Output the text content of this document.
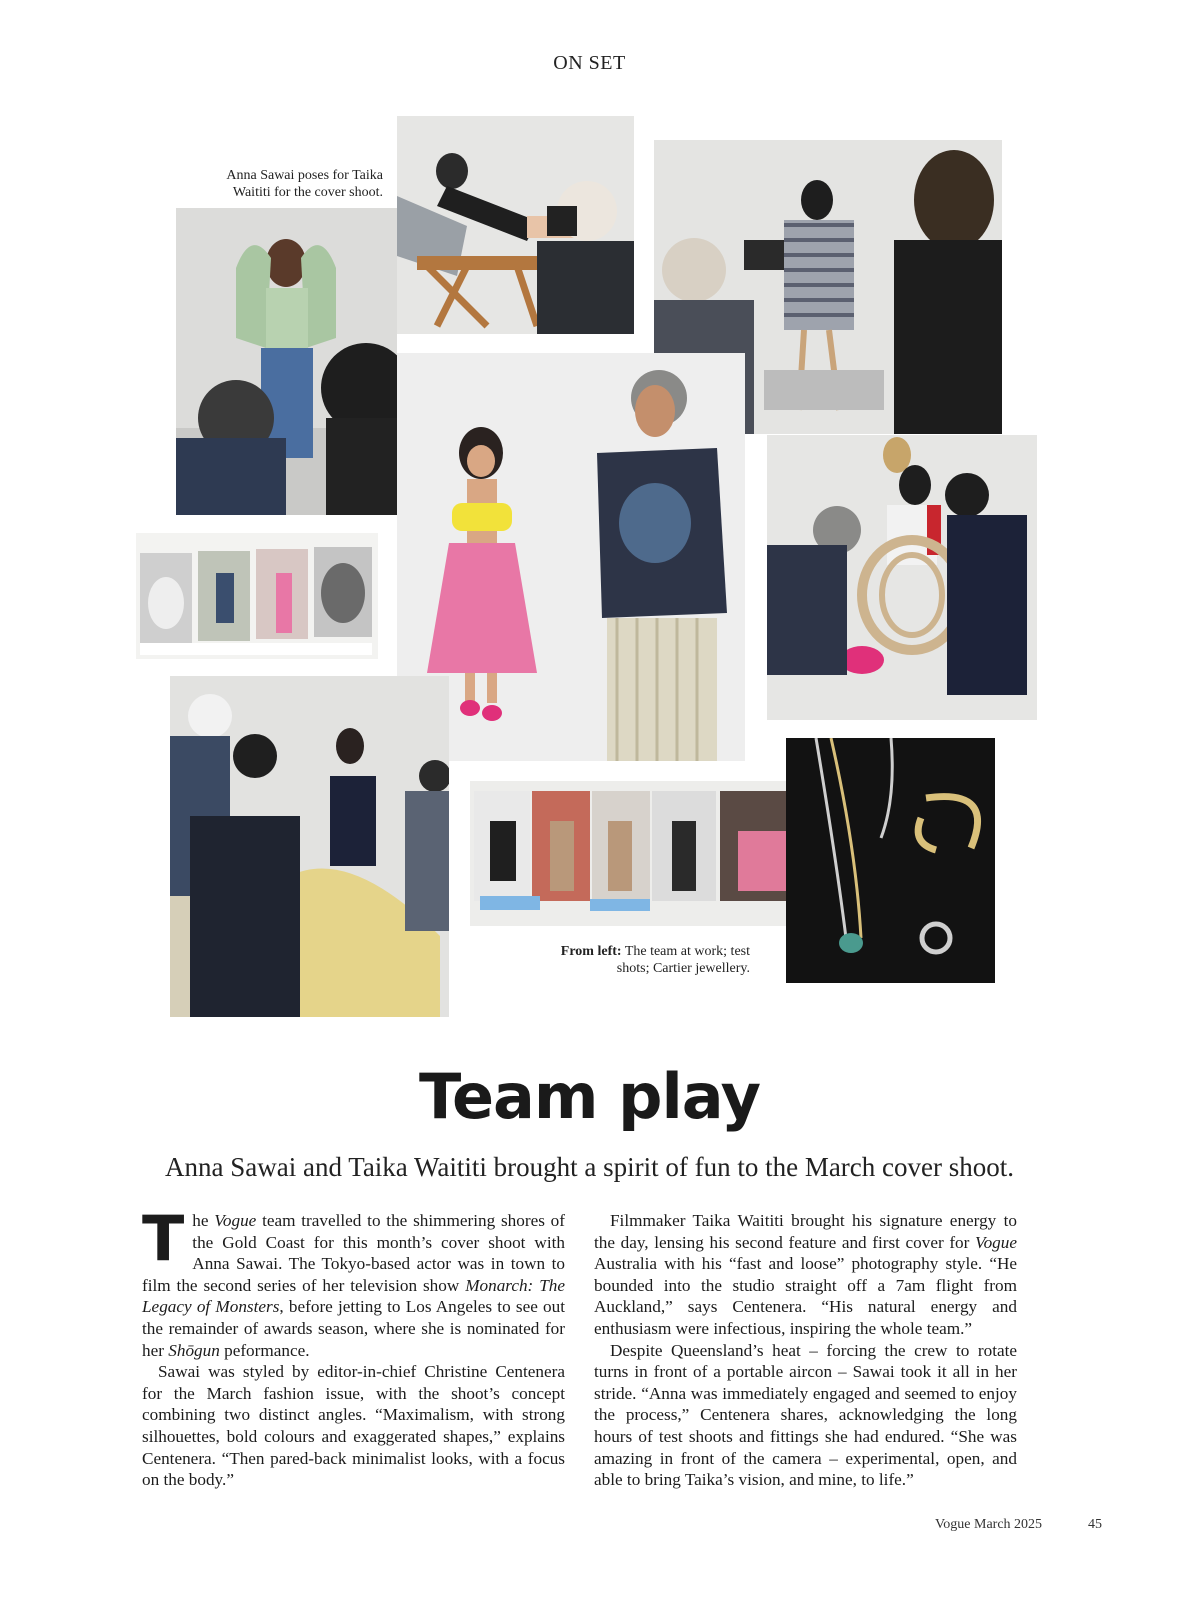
ON SET
Anna Sawai poses for Taika Waititi for the cover shoot.
From left: The team at work; test shots; Cartier jewellery.
Team play
Anna Sawai and Taika Waititi brought a spirit of fun to the March cover shoot.

The Vogue team travelled to the shimmering shores of the Gold Coast for this month’s cover shoot with Anna Sawai. The Tokyo-based actor was in town to film the second series of her television show Monarch: The Legacy of Monsters, before jetting to Los Angeles to see out the remainder of awards season, where she is nominated for her Shōgun peformance.

Sawai was styled by editor-in-chief Christine Centenera for the March fashion issue, with the shoot’s concept combining two distinct angles. “Maximalism, with strong silhouettes, bold colours and exaggerated shapes,” explains Centenera. “Then pared-back minimalist looks, with a focus on the body.”

Filmmaker Taika Waititi brought his signature energy to the day, lensing his second feature and first cover for Vogue Australia with his “fast and loose” photography style. “He bounded into the studio straight off a 7am flight from Auckland,” says Centenera. “His natural energy and enthusiasm were infectious, inspiring the whole team.”

Despite Queensland’s heat – forcing the crew to rotate turns in front of a portable aircon – Sawai took it all in her stride. “Anna was immediately engaged and seemed to enjoy the process,” Centenera shares, acknowledging the long hours of test shoots and fittings she had endured. “She was amazing in front of the camera – experimental, open, and able to bring Taika’s vision, and mine, to life.”

Vogue March 2025	45
